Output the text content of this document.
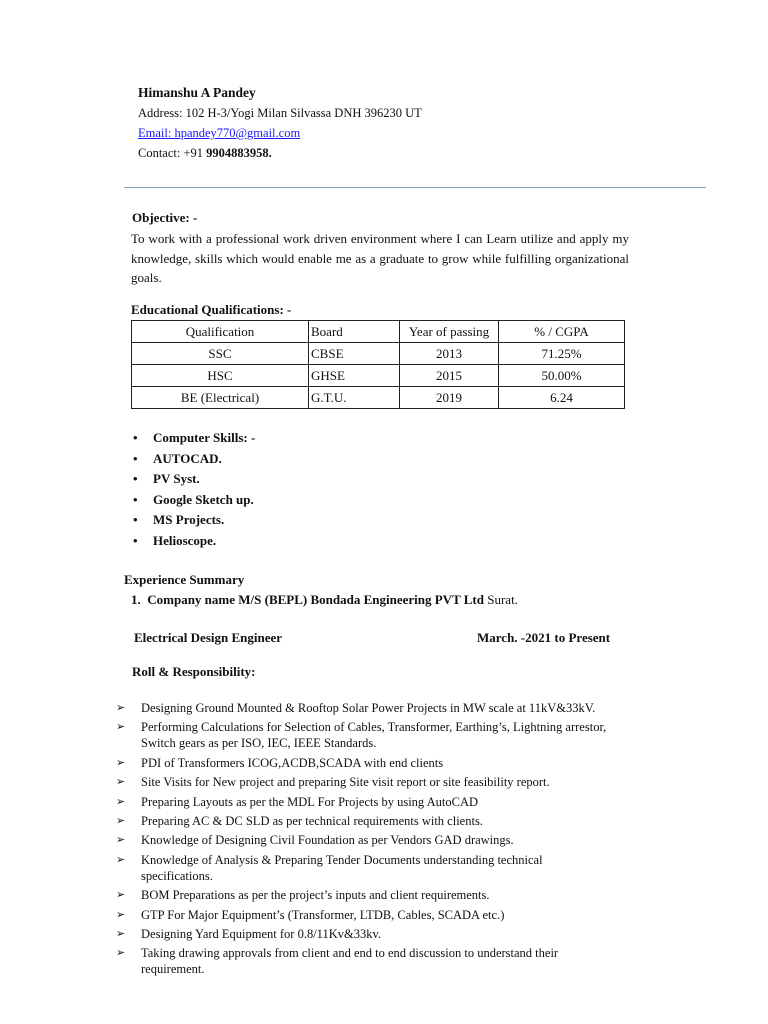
Himanshu A Pandey
Address: 102 H-3/Yogi Milan Silvassa DNH 396230 UT
Email: hpandey770@gmail.com
Contact: +91 9904883958.
Objective: -
To work with a professional work driven environment where I can Learn utilize and apply my knowledge, skills which would enable me as a graduate to grow while fulfilling organizational goals.
Educational Qualifications: -
Qualification	Board	Year of passing	% / CGPA
SSC	CBSE	2013	71.25%
HSC	GHSE	2015	50.00%
BE (Electrical)	G.T.U.	2019	6.24
• Computer Skills: -
• AUTOCAD.
• PV Syst.
• Google Sketch up.
• MS Projects.
• Helioscope.
Experience Summary
1. Company name M/S (BEPL) Bondada Engineering PVT Ltd Surat.
Electrical Design Engineer	March. -2021 to Present
Roll & Responsibility:
➢ Designing Ground Mounted & Rooftop Solar Power Projects in MW scale at 11kV&33kV.
➢ Performing Calculations for Selection of Cables, Transformer, Earthing’s, Lightning arrestor, Switch gears as per ISO, IEC, IEEE Standards.
➢ PDI of Transformers ICOG,ACDB,SCADA with end clients
➢ Site Visits for New project and preparing Site visit report or site feasibility report.
➢ Preparing Layouts as per the MDL For Projects by using AutoCAD
➢ Preparing AC & DC SLD as per technical requirements with clients.
➢ Knowledge of Designing Civil Foundation as per Vendors GAD drawings.
➢ Knowledge of Analysis & Preparing Tender Documents understanding technical specifications.
➢ BOM Preparations as per the project’s inputs and client requirements.
➢ GTP For Major Equipment’s (Transformer, LTDB, Cables, SCADA etc.)
➢ Designing Yard Equipment for 0.8/11Kv&33kv.
➢ Taking drawing approvals from client and end to end discussion to understand their requirement.
